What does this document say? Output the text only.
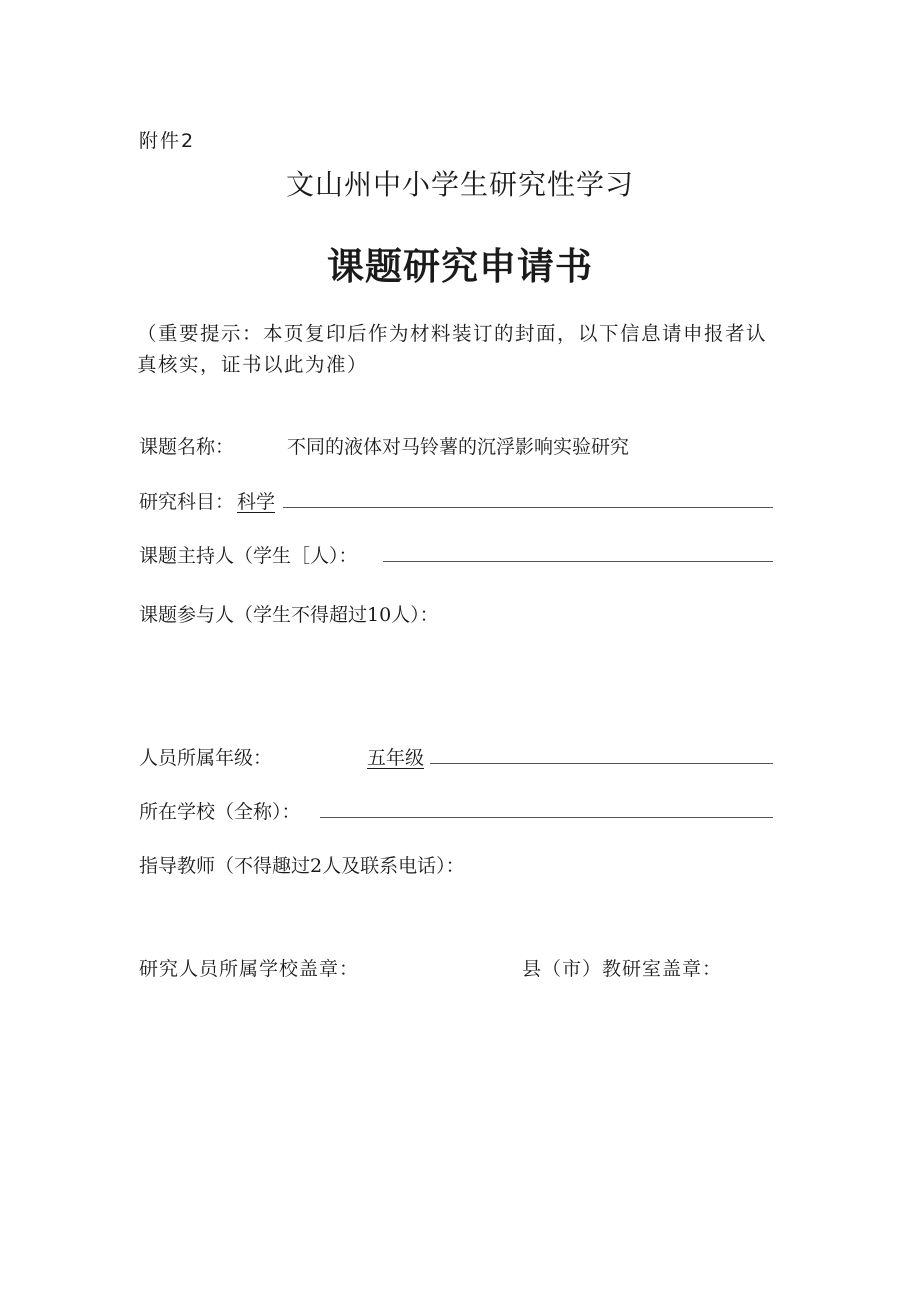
附件2
文山州中小学生研究性学习
课题研究申请书
（重要提示：本页复印后作为材料装订的封面，以下信息请申报者认真核实，证书以此为准）
课题名称：	不同的液体对马铃薯的沉浮影响实验研究
研究科目： 科学
课题主持人（学生［人）：
课题参与人（学生不得超过10人）：
人员所属年级：	五年级
所在学校（全称）：
指导教师（不得趣过2人及联系电话）：
研究人员所属学校盖章：	县（市）教研室盖章：
